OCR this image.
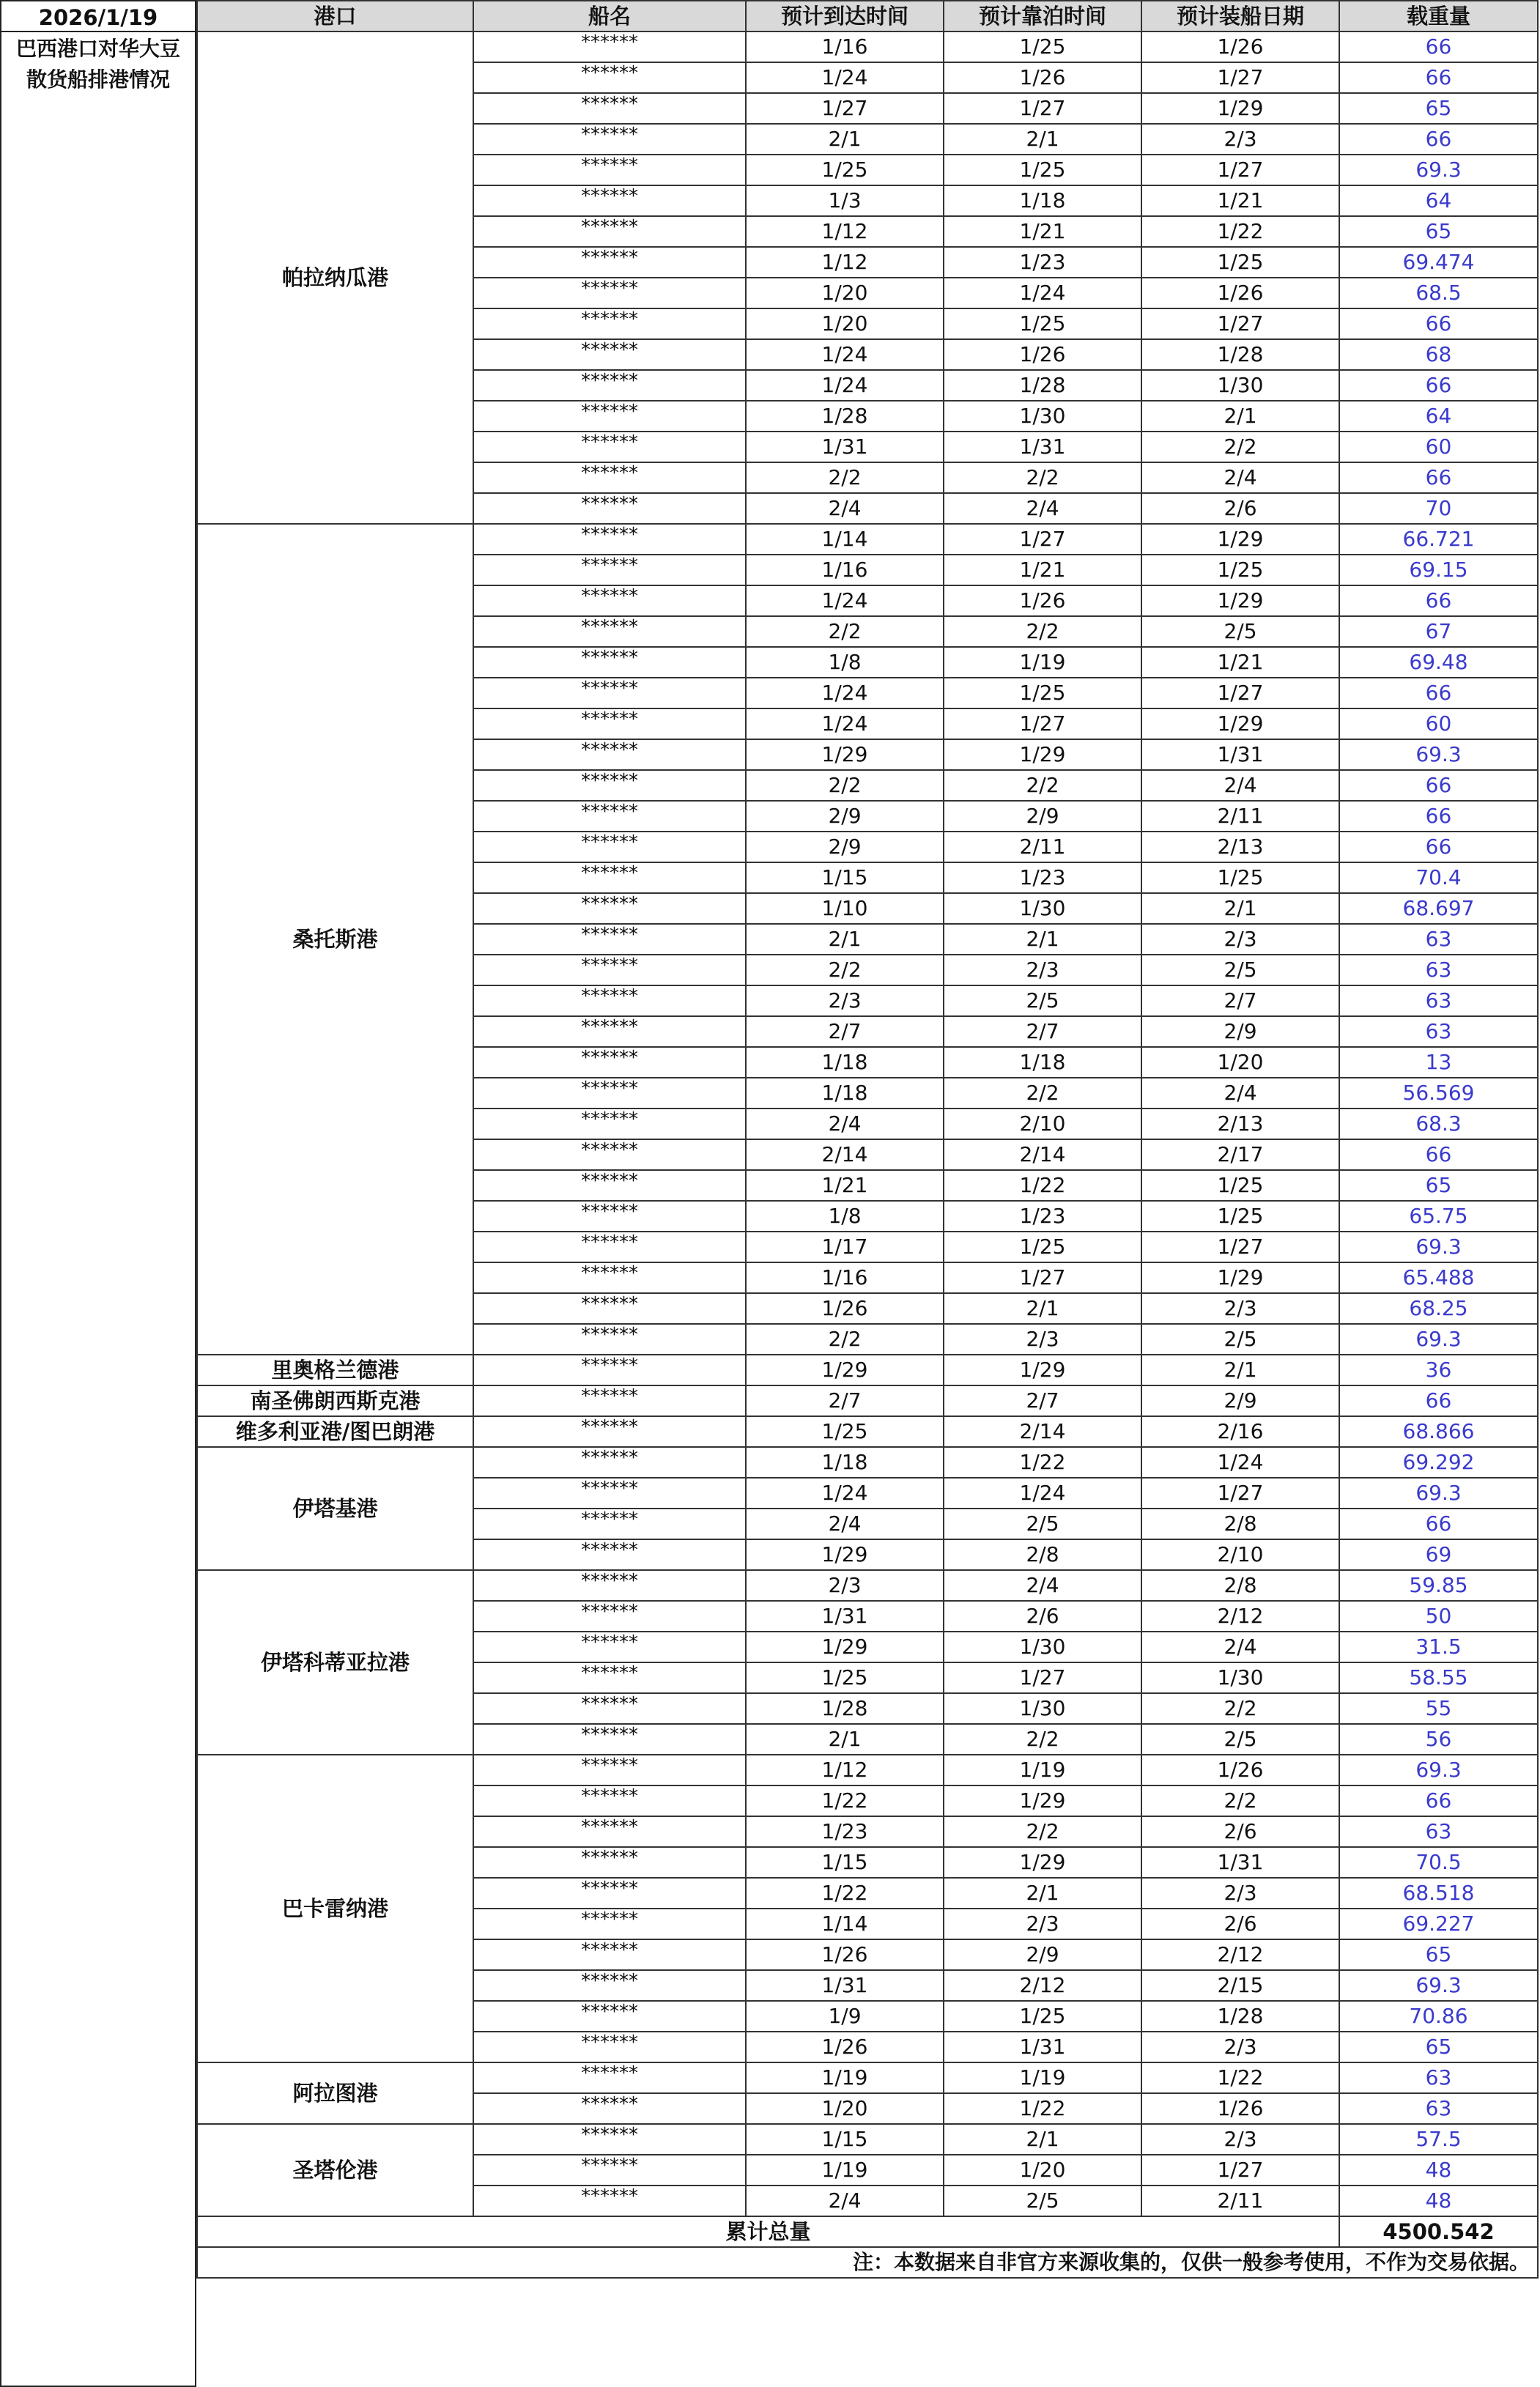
2026/1/19
巴西港口对华大豆
散货船排港情况
港口	船名	预计到达时间	预计靠泊时间	预计装船日期	载重量
帕拉纳瓜港	******	1/16	1/25	1/26	66
	******	1/24	1/26	1/27	66
	******	1/27	1/27	1/29	65
	******	2/1	2/1	2/3	66
	******	1/25	1/25	1/27	69.3
	******	1/3	1/18	1/21	64
	******	1/12	1/21	1/22	65
	******	1/12	1/23	1/25	69.474
	******	1/20	1/24	1/26	68.5
	******	1/20	1/25	1/27	66
	******	1/24	1/26	1/28	68
	******	1/24	1/28	1/30	66
	******	1/28	1/30	2/1	64
	******	1/31	1/31	2/2	60
	******	2/2	2/2	2/4	66
	******	2/4	2/4	2/6	70
桑托斯港	******	1/14	1/27	1/29	66.721
	******	1/16	1/21	1/25	69.15
	******	1/24	1/26	1/29	66
	******	2/2	2/2	2/5	67
	******	1/8	1/19	1/21	69.48
	******	1/24	1/25	1/27	66
	******	1/24	1/27	1/29	60
	******	1/29	1/29	1/31	69.3
	******	2/2	2/2	2/4	66
	******	2/9	2/9	2/11	66
	******	2/9	2/11	2/13	66
	******	1/15	1/23	1/25	70.4
	******	1/10	1/30	2/1	68.697
	******	2/1	2/1	2/3	63
	******	2/2	2/3	2/5	63
	******	2/3	2/5	2/7	63
	******	2/7	2/7	2/9	63
	******	1/18	1/18	1/20	13
	******	1/18	2/2	2/4	56.569
	******	2/4	2/10	2/13	68.3
	******	2/14	2/14	2/17	66
	******	1/21	1/22	1/25	65
	******	1/8	1/23	1/25	65.75
	******	1/17	1/25	1/27	69.3
	******	1/16	1/27	1/29	65.488
	******	1/26	2/1	2/3	68.25
	******	2/2	2/3	2/5	69.3
里奥格兰德港	******	1/29	1/29	2/1	36
南圣佛朗西斯克港	******	2/7	2/7	2/9	66
维多利亚港/图巴朗港	******	1/25	2/14	2/16	68.866
伊塔基港	******	1/18	1/22	1/24	69.292
	******	1/24	1/24	1/27	69.3
	******	2/4	2/5	2/8	66
	******	1/29	2/8	2/10	69
伊塔科蒂亚拉港	******	2/3	2/4	2/8	59.85
	******	1/31	2/6	2/12	50
	******	1/29	1/30	2/4	31.5
	******	1/25	1/27	1/30	58.55
	******	1/28	1/30	2/2	55
	******	2/1	2/2	2/5	56
巴卡雷纳港	******	1/12	1/19	1/26	69.3
	******	1/22	1/29	2/2	66
	******	1/23	2/2	2/6	63
	******	1/15	1/29	1/31	70.5
	******	1/22	2/1	2/3	68.518
	******	1/14	2/3	2/6	69.227
	******	1/26	2/9	2/12	65
	******	1/31	2/12	2/15	69.3
	******	1/9	1/25	1/28	70.86
	******	1/26	1/31	2/3	65
阿拉图港	******	1/19	1/19	1/22	63
	******	1/20	1/22	1/26	63
圣塔伦港	******	1/15	2/1	2/3	57.5
	******	1/19	1/20	1/27	48
	******	2/4	2/5	2/11	48
累计总量					4500.542
注：本数据来自非官方来源收集的，仅供一般参考使用，不作为交易依据。					
